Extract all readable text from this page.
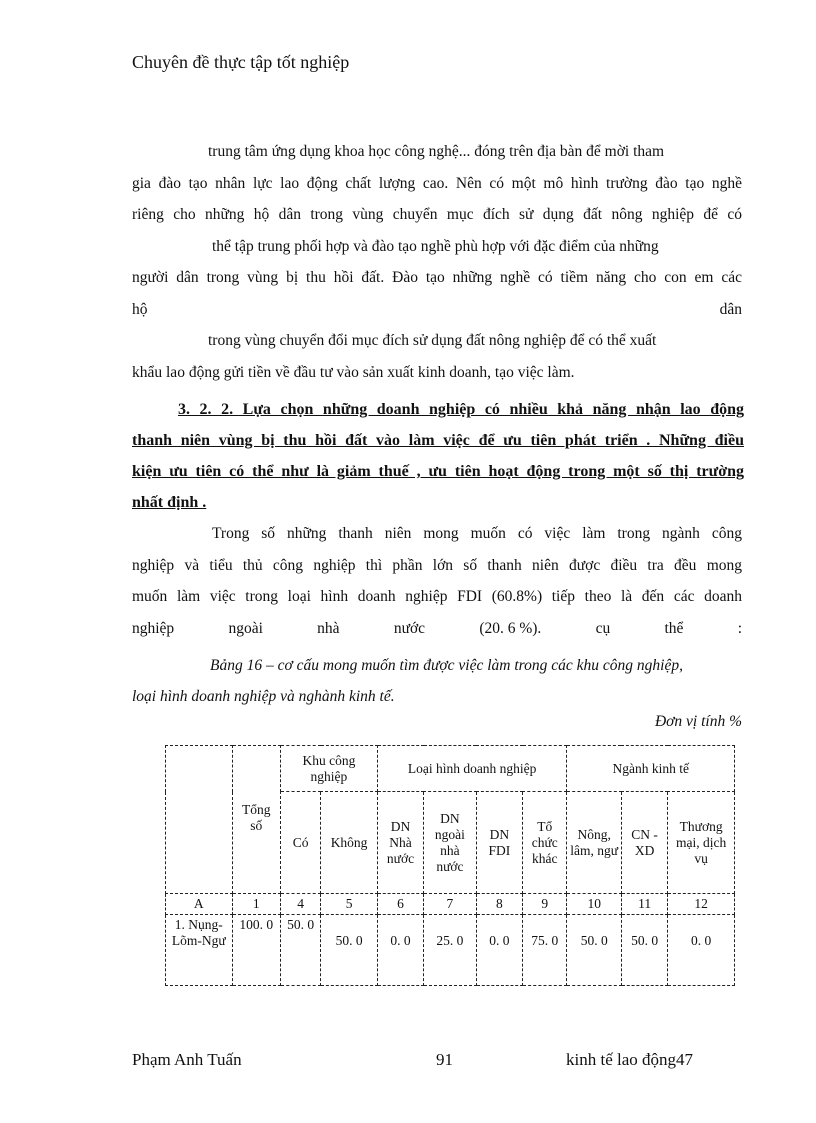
Chuyên đề thực tập tốt nghiệp
trung tâm ứng dụng khoa học công nghệ... đóng trên địa bàn để mời tham
gia đào tạo nhân lực lao động chất lượng cao. Nên có một mô hình trường đào tạo nghề
riêng cho những hộ dân trong vùng chuyển mục đích sử dụng đất nông nghiệp để có
thể tập trung phối hợp và đào tạo nghề phù hợp với đặc điểm của những
người dân trong vùng bị thu hồi đất. Đào tạo những nghề có tiềm năng cho con em các
hộ	dân
trong vùng chuyển đổi mục đích sử dụng đất nông nghiệp để có thể xuất
khẩu lao động gửi tiền về đầu tư vào sản xuất kinh doanh, tạo việc làm.
3. 2. 2. Lựa chọn những doanh nghiệp có nhiều khả năng nhận lao động
thanh niên vùng bị thu hồi đất vào làm việc để ưu tiên phát triển . Những điều
kiện ưu tiên có thể như là giảm thuế , ưu tiên hoạt động trong một số thị trường
nhất định .
Trong số những thanh niên mong muốn có việc làm trong ngành công
nghiệp và tiểu thủ công nghiệp thì phần lớn số thanh niên được điều tra đều mong
muốn làm việc trong loại hình doanh nghiệp FDI (60.8%) tiếp theo là đến các doanh
nghiệp	ngoài	nhà	nước	(20. 6 %).	cụ	thể	:
Bảng 16 – cơ cấu mong muốn tìm được việc làm trong các khu công nghiệp,
loại hình doanh nghiệp và nghành kinh tế.
Đơn vị tính %
	Tổng số	Khu công nghiệp		Loại hình doanh nghiệp				Ngành kinh tế		
		Có	Không	DN Nhà nước	DN ngoài nhà nước	DN FDI	Tổ chức khác	Nông, lâm, ngư	CN - XD	Thương mại, dịch vụ
A	1	4	5	6	7	8	9	10	11	12
1. Nụng-Lõm-Ngư	100. 0	50. 0	50. 0	0. 0	25. 0	0. 0	75. 0	50. 0	50. 0	0. 0
Phạm Anh Tuấn	91	kinh tế lao động47
